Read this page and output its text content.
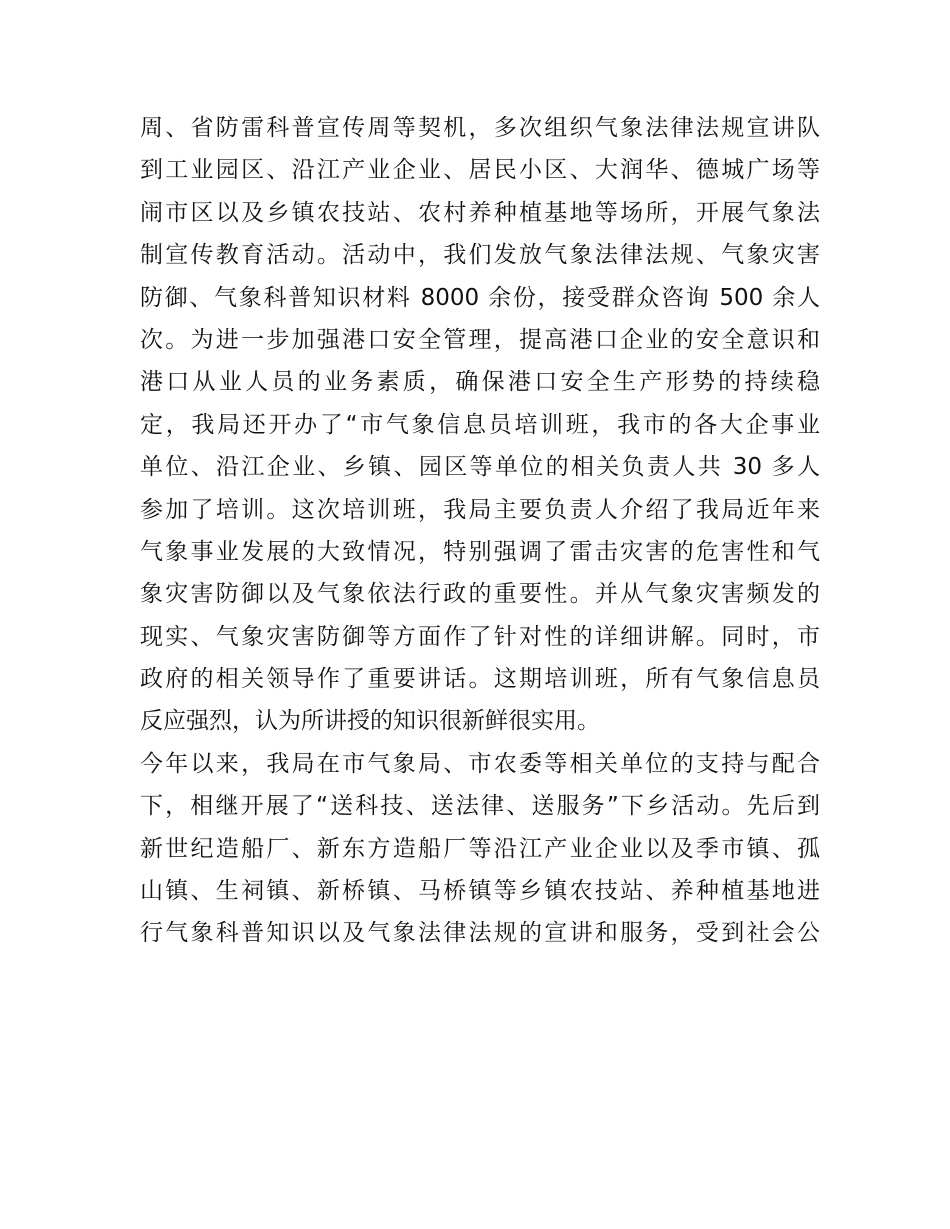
周、省防雷科普宣传周等契机，多次组织气象法律法规宣讲队
到工业园区、沿江产业企业、居民小区、大润华、德城广场等
闹市区以及乡镇农技站、农村养种植基地等场所，开展气象法
制宣传教育活动。活动中，我们发放气象法律法规、气象灾害
防御、气象科普知识材料 8000 余份，接受群众咨询 500 余人
次。为进一步加强港口安全管理，提高港口企业的安全意识和
港口从业人员的业务素质，确保港口安全生产形势的持续稳
定，我局还开办了“市气象信息员培训班，我市的各大企事业
单位、沿江企业、乡镇、园区等单位的相关负责人共 30 多人
参加了培训。这次培训班，我局主要负责人介绍了我局近年来
气象事业发展的大致情况，特别强调了雷击灾害的危害性和气
象灾害防御以及气象依法行政的重要性。并从气象灾害频发的
现实、气象灾害防御等方面作了针对性的详细讲解。同时，市
政府的相关领导作了重要讲话。这期培训班，所有气象信息员
反应强烈，认为所讲授的知识很新鲜很实用。
今年以来，我局在市气象局、市农委等相关单位的支持与配合
下，相继开展了“送科技、送法律、送服务”下乡活动。先后到
新世纪造船厂、新东方造船厂等沿江产业企业以及季市镇、孤
山镇、生祠镇、新桥镇、马桥镇等乡镇农技站、养种植基地进
行气象科普知识以及气象法律法规的宣讲和服务，受到社会公
